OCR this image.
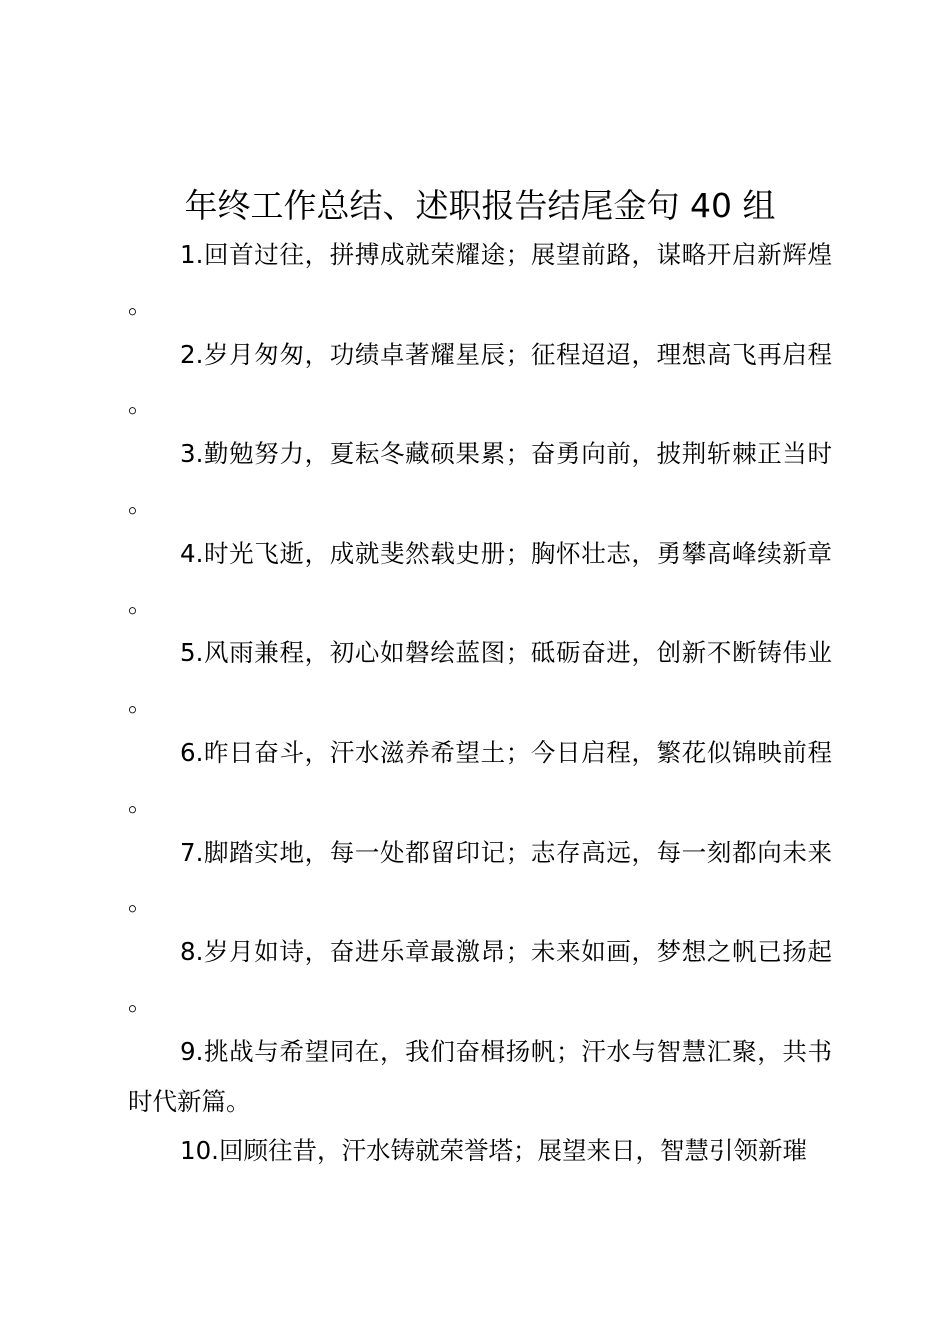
年终工作总结、述职报告结尾金句 40 组

1.回首过往，拼搏成就荣耀途；展望前路，谋略开启新辉煌。

2.岁月匆匆，功绩卓著耀星辰；征程迢迢，理想高飞再启程。

3.勤勉努力，夏耘冬藏硕果累；奋勇向前，披荆斩棘正当时。

4.时光飞逝，成就斐然载史册；胸怀壮志，勇攀高峰续新章。

5.风雨兼程，初心如磐绘蓝图；砥砺奋进，创新不断铸伟业。

6.昨日奋斗，汗水滋养希望土；今日启程，繁花似锦映前程。

7.脚踏实地，每一处都留印记；志存高远，每一刻都向未来。

8.岁月如诗，奋进乐章最激昂；未来如画，梦想之帆已扬起。

9.挑战与希望同在，我们奋楫扬帆；汗水与智慧汇聚，共书时代新篇。

10.回顾往昔，汗水铸就荣誉塔；展望来日，智慧引领新璀
